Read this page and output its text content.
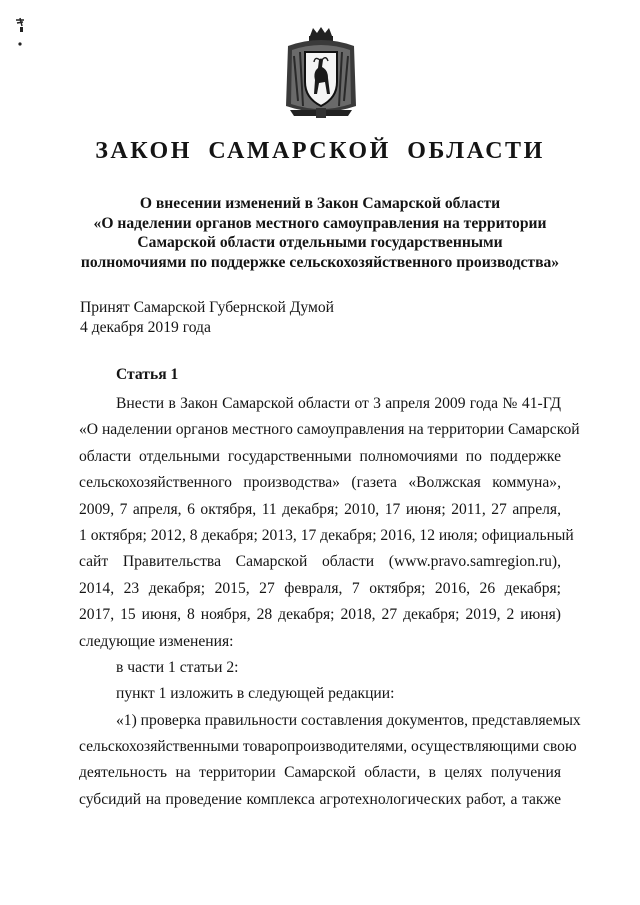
ЗАКОН САМАРСКОЙ ОБЛАСТИ
О внесении изменений в Закон Самарской области
«О наделении органов местного самоуправления на территории
Самарской области отдельными государственными
полномочиями по поддержке сельскохозяйственного производства»
Принят Самарской Губернской Думой
4 декабря 2019 года
Статья 1
Внести в Закон Самарской области от 3 апреля 2009 года № 41-ГД
«О наделении органов местного самоуправления на территории Самарской
области отдельными государственными полномочиями по поддержке
сельскохозяйственного производства» (газета «Волжская коммуна»,
2009, 7 апреля, 6 октября, 11 декабря; 2010, 17 июня; 2011, 27 апреля,
1 октября; 2012, 8 декабря; 2013, 17 декабря; 2016, 12 июля; официальный
сайт Правительства Самарской области (www.pravo.samregion.ru),
2014, 23 декабря; 2015, 27 февраля, 7 октября; 2016, 26 декабря;
2017, 15 июня, 8 ноября, 28 декабря; 2018, 27 декабря; 2019, 2 июня)
следующие изменения:
в части 1 статьи 2:
пункт 1 изложить в следующей редакции:
«1) проверка правильности составления документов, представляемых
сельскохозяйственными товаропроизводителями, осуществляющими свою
деятельность на территории Самарской области, в целях получения
субсидий на проведение комплекса агротехнологических работ, а также
